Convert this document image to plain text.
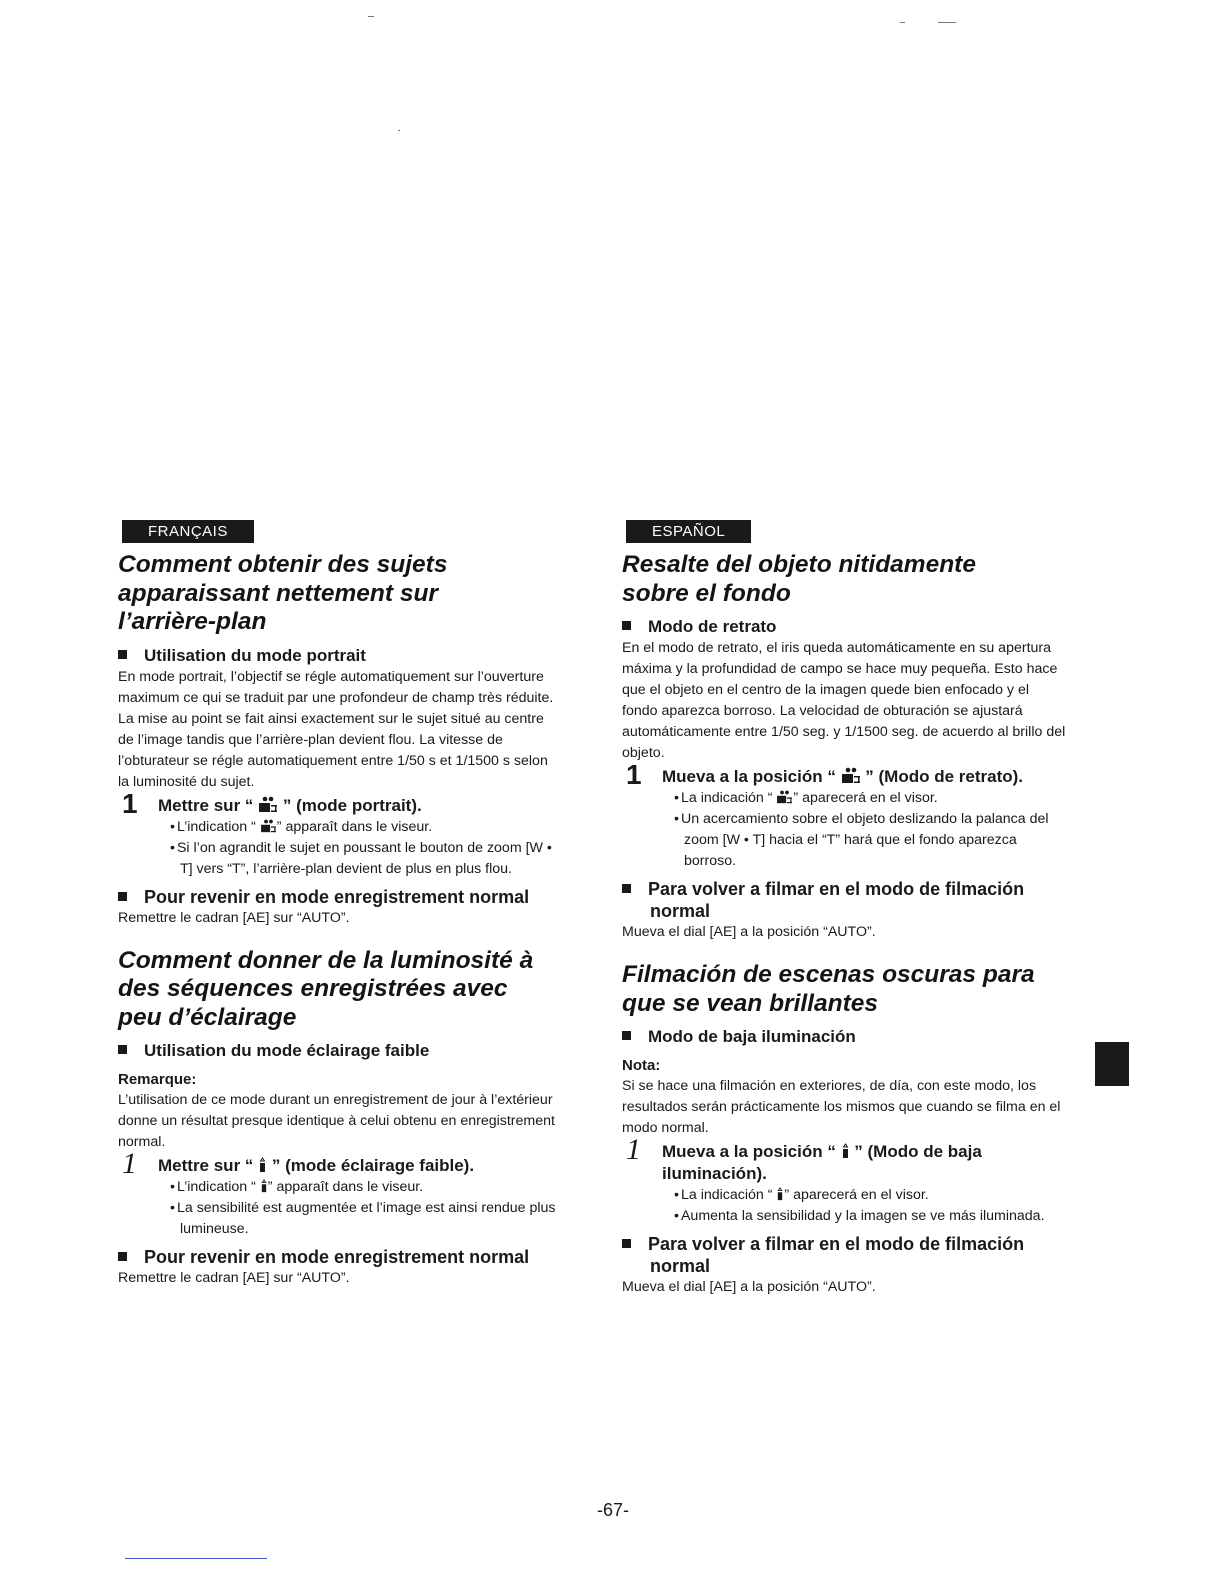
FRANÇAIS
Comment obtenir des sujets
apparaissant nettement sur
l’arrière-plan
Utilisation du mode portrait

En mode portrait, l’objectif se régle automatiquement sur l’ouverture maximum ce qui se traduit par une profondeur de champ très réduite. La mise au point se fait ainsi exactement sur le sujet situé au centre de l’image tandis que l’arrière-plan devient flou. La vitesse de l’obturateur se régle automatiquement entre 1/50 s et 1/1500 s selon la luminosité du sujet.

1 Mettre sur “ ” (mode portrait).

• L’indication “ ” apparaît dans le viseur.
• Si l’on agrandit le sujet en poussant le bouton de zoom [W • T] vers “T”, l’arrière-plan devient de plus en plus flou.
Pour revenir en mode enregistrement normal

Remettre le cadran [AE] sur “AUTO”.

Comment donner de la luminosité à
des séquences enregistrées avec
peu d’éclairage
Utilisation du mode éclairage faible

Remarque:

L’utilisation de ce mode durant un enregistrement de jour à l’extérieur donne un résultat presque identique à celui obtenu en enregistrement normal.

1 Mettre sur “ ” (mode éclairage faible).

• L’indication “ ” apparaît dans le viseur.
• La sensibilité est augmentée et l’image est ainsi rendue plus lumineuse.
Pour revenir en mode enregistrement normal

Remettre le cadran [AE] sur “AUTO”.

ESPAÑOL
Resalte del objeto nitidamente
sobre el fondo
Modo de retrato

En el modo de retrato, el iris queda automáticamente en su apertura máxima y la profundidad de campo se hace muy pequeña. Esto hace que el objeto en el centro de la imagen quede bien enfocado y el fondo aparezca borroso. La velocidad de obturación se ajustará automáticamente entre 1/50 seg. y 1/1500 seg. de acuerdo al brillo del objeto.

1 Mueva a la posición “ ” (Modo de retrato).

• La indicación “ ” aparecerá en el visor.
• Un acercamiento sobre el objeto deslizando la palanca del zoom [W • T] hacia el “T” hará que el fondo aparezca borroso.
Para volver a filmar en el modo de filmación normal

Mueva el dial [AE] a la posición “AUTO”.

Filmación de escenas oscuras para
que se vean brillantes
Modo de baja iluminación

Nota:

Si se hace una filmación en exteriores, de día, con este modo, los resultados serán prácticamente los mismos que cuando se filma en el modo normal.

1 Mueva a la posición “ ” (Modo de baja iluminación).

• La indicación “ ” aparecerá en el visor.
• Aumenta la sensibilidad y la imagen se ve más iluminada.
Para volver a filmar en el modo de filmación normal

Mueva el dial [AE] a la posición “AUTO”.

-67-
